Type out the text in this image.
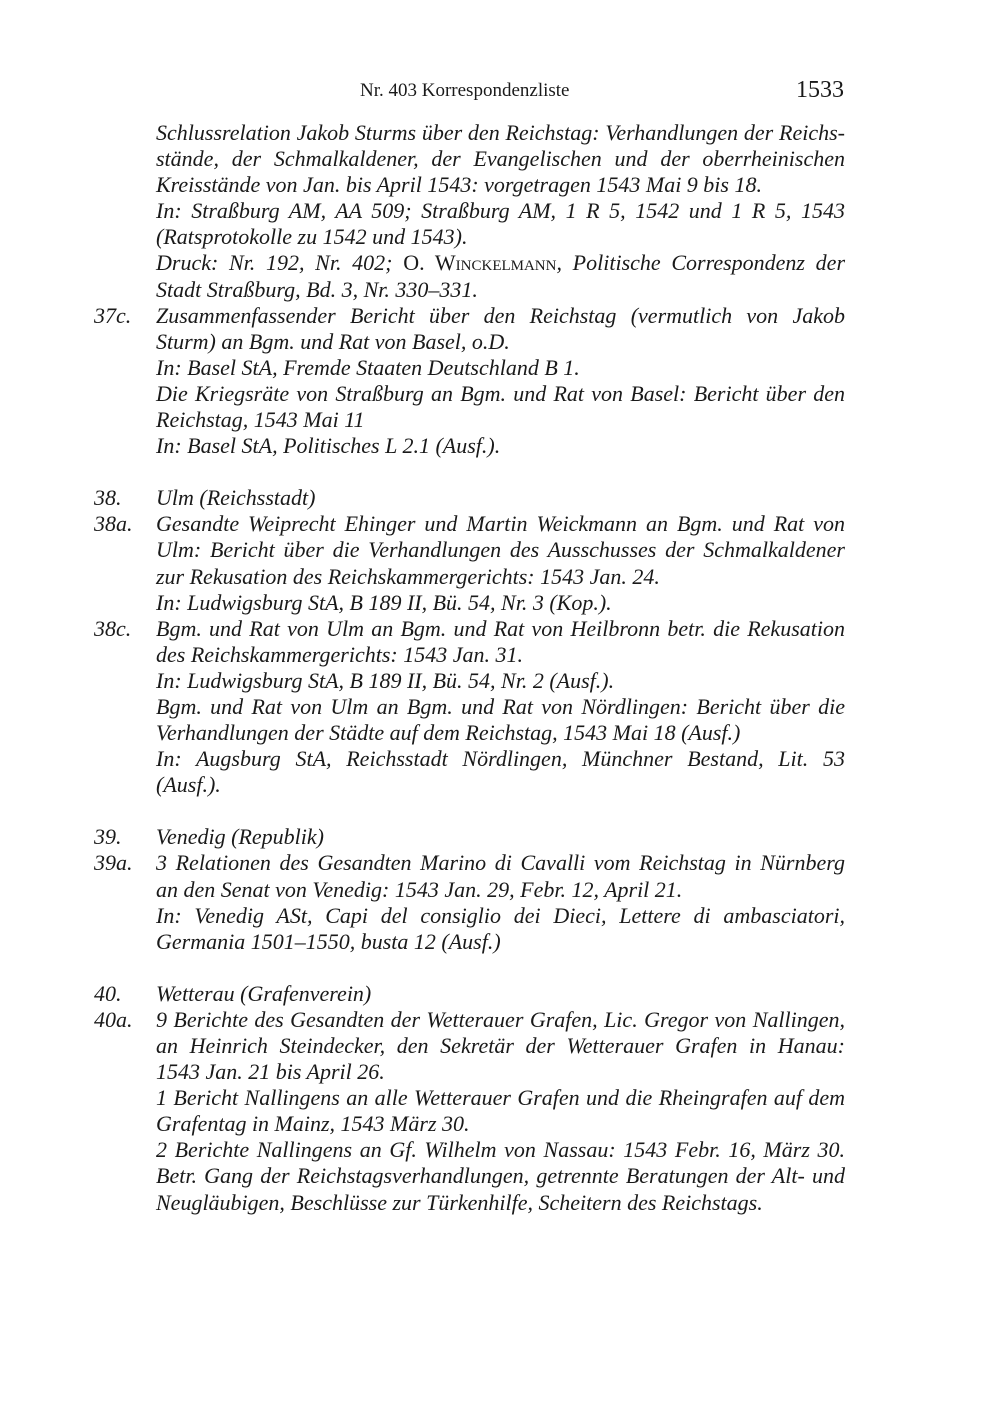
Nr. 403 Korrespondenzliste	1533
Schlussrelation Jakob Sturms über den Reichstag: Verhandlungen der Reichs-
stände, der Schmalkaldener, der Evangelischen und der oberrheinischen
Kreisstände von Jan. bis April 1543: vorgetragen 1543 Mai 9 bis 18.
In: Straßburg AM, AA 509; Straßburg AM, 1 R 5, 1542 und 1 R 5, 1543
(Ratsprotokolle zu 1542 und 1543).
Druck: Nr. 192, Nr. 402; O. Winckelmann, Politische Correspondenz der
Stadt Straßburg, Bd. 3, Nr. 330–331.
37c. Zusammenfassender Bericht über den Reichstag (vermutlich von Jakob
Sturm) an Bgm. und Rat von Basel, o.D.
In: Basel StA, Fremde Staaten Deutschland B 1.
Die Kriegsräte von Straßburg an Bgm. und Rat von Basel: Bericht über den
Reichstag, 1543 Mai 11
In: Basel StA, Politisches L 2.1 (Ausf.).
38. Ulm (Reichsstadt)
38a. Gesandte Weiprecht Ehinger und Martin Weickmann an Bgm. und Rat von
Ulm: Bericht über die Verhandlungen des Ausschusses der Schmalkaldener
zur Rekusation des Reichskammergerichts: 1543 Jan. 24.
In: Ludwigsburg StA, B 189 II, Bü. 54, Nr. 3 (Kop.).
38c. Bgm. und Rat von Ulm an Bgm. und Rat von Heilbronn betr. die Rekusation
des Reichskammergerichts: 1543 Jan. 31.
In: Ludwigsburg StA, B 189 II, Bü. 54, Nr. 2 (Ausf.).
Bgm. und Rat von Ulm an Bgm. und Rat von Nördlingen: Bericht über die
Verhandlungen der Städte auf dem Reichstag, 1543 Mai 18 (Ausf.)
In: Augsburg StA, Reichsstadt Nördlingen, Münchner Bestand, Lit. 53
(Ausf.).
39. Venedig (Republik)
39a. 3 Relationen des Gesandten Marino di Cavalli vom Reichstag in Nürnberg
an den Senat von Venedig: 1543 Jan. 29, Febr. 12, April 21.
In: Venedig ASt, Capi del consiglio dei Dieci, Lettere di ambasciatori,
Germania 1501–1550, busta 12 (Ausf.)
40. Wetterau (Grafenverein)
40a. 9 Berichte des Gesandten der Wetterauer Grafen, Lic. Gregor von Nallingen,
an Heinrich Steindecker, den Sekretär der Wetterauer Grafen in Hanau:
1543 Jan. 21 bis April 26.
1 Bericht Nallingens an alle Wetterauer Grafen und die Rheingrafen auf dem
Grafentag in Mainz, 1543 März 30.
2 Berichte Nallingens an Gf. Wilhelm von Nassau: 1543 Febr. 16, März 30.
Betr. Gang der Reichstagsverhandlungen, getrennte Beratungen der Alt- und
Neugläubigen, Beschlüsse zur Türkenhilfe, Scheitern des Reichstags.
